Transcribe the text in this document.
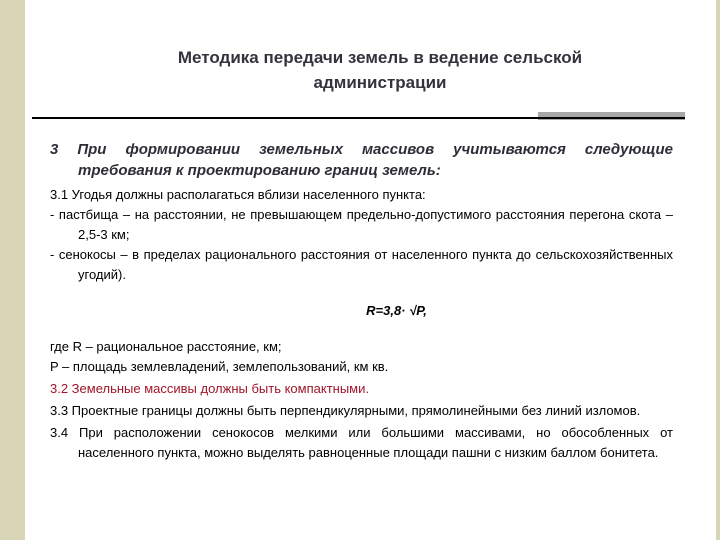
Методика передачи земель в ведение сельской
администрации

3 При формировании земельных массивов учитываются следующие требования к проектированию границ земель:

3.1 Угодья должны располагаться вблизи населенного пункта:

- пастбища – на расстоянии, не превышающем предельно-допустимого расстояния перегона скота – 2,5-3 км;

- сенокосы – в пределах рационального расстояния от населенного пункта до сельскохозяйственных угодий).

R=3,8· √P,

где R – рациональное расстояние, км;

P – площадь землевладений, землепользований, км кв.

3.2 Земельные массивы должны быть компактными.

3.3 Проектные границы должны быть перпендикулярными, прямолинейными без линий изломов.

3.4 При расположении сенокосов мелкими или большими массивами, но обособленных от населенного пункта, можно выделять равноценные площади пашни с низким баллом бонитета.
